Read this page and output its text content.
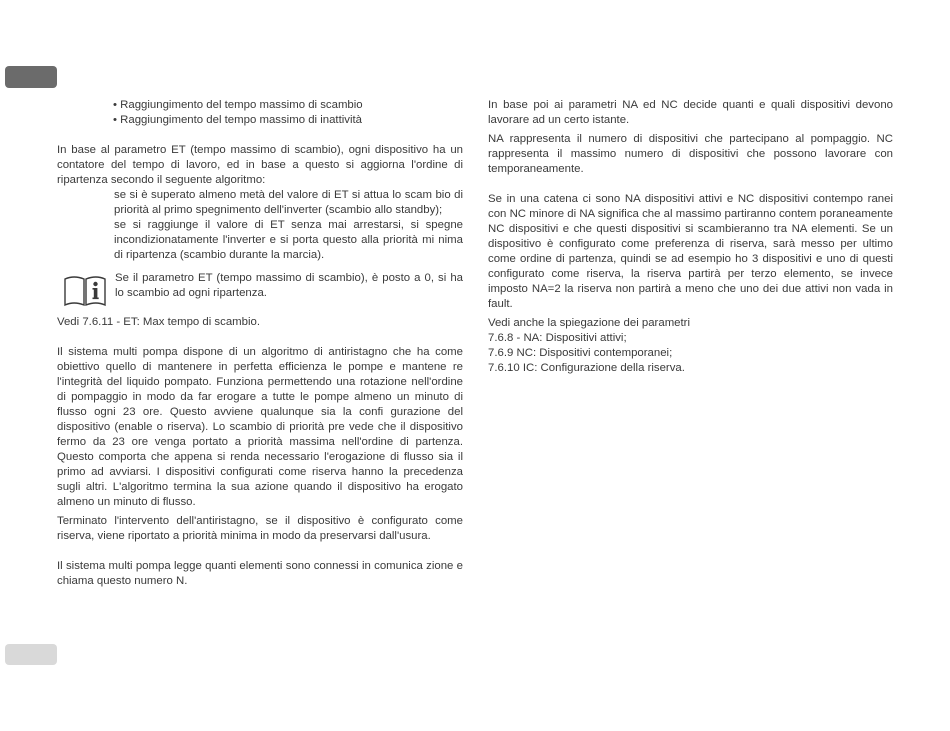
• Raggiungimento del tempo massimo di scambio
• Raggiungimento del tempo massimo di inattività

In base al parametro ET (tempo massimo di scambio), ogni dispositivo ha un contatore del tempo di lavoro, ed in base a questo si aggiorna l'ordine di ripartenza secondo il seguente algoritmo:

se si è superato almeno metà del valore di ET si attua lo scam bio di priorità al primo spegnimento dell'inverter (scambio allo standby);

se si raggiunge il valore di ET senza mai arrestarsi, si spegne incondizionatamente l'inverter e si porta questo alla priorità mi nima di ripartenza (scambio durante la marcia).

Se il parametro ET (tempo massimo di scambio), è posto a 0, si ha lo scambio ad ogni ripartenza.

Vedi 7.6.11 - ET: Max tempo di scambio.

Il sistema multi pompa dispone di un algoritmo di antiristagno che ha come obiettivo quello di mantenere in perfetta efficienza le pompe e mantene re l'integrità del liquido pompato. Funziona permettendo una rotazione nell'ordine di pompaggio in modo da far erogare a tutte le pompe almeno un minuto di flusso ogni 23 ore. Questo avviene qualunque sia la confi gurazione del dispositivo (enable o riserva). Lo scambio di priorità pre vede che il dispositivo fermo da 23 ore venga portato a priorità massima nell'ordine di partenza. Questo comporta che appena si renda necessario l'erogazione di flusso sia il primo ad avviarsi. I dispositivi configurati come riserva hanno la precedenza sugli altri. L'algoritmo termina la sua azione quando il dispositivo ha erogato almeno un minuto di flusso.

Terminato l'intervento dell'antiristagno, se il dispositivo è configurato come riserva, viene riportato a priorità minima in modo da preservarsi dall'usura.

Il sistema multi pompa legge quanti elementi sono connessi in comunica zione e chiama questo numero N.

In base poi ai parametri NA ed NC decide quanti e quali dispositivi devono lavorare ad un certo istante.

NA rappresenta il numero di dispositivi che partecipano al pompaggio. NC rappresenta il massimo numero di dispositivi che possono lavorare con temporaneamente.

Se in una catena ci sono NA dispositivi attivi e NC dispositivi contempo ranei con NC minore di NA significa che al massimo partiranno contem poraneamente NC dispositivi e che questi dispositivi si scambieranno tra NA elementi. Se un dispositivo è configurato come preferenza di riserva, sarà messo per ultimo come ordine di partenza, quindi se ad esempio ho 3 dispositivi e uno di questi configurato come riserva, la riserva partirà per terzo elemento, se invece imposto NA=2 la riserva non partirà a meno che uno dei due attivi non vada in fault.

Vedi anche la spiegazione dei parametri

7.6.8 - NA: Dispositivi attivi;

7.6.9 NC: Dispositivi contemporanei;

7.6.10 IC: Configurazione della riserva.
